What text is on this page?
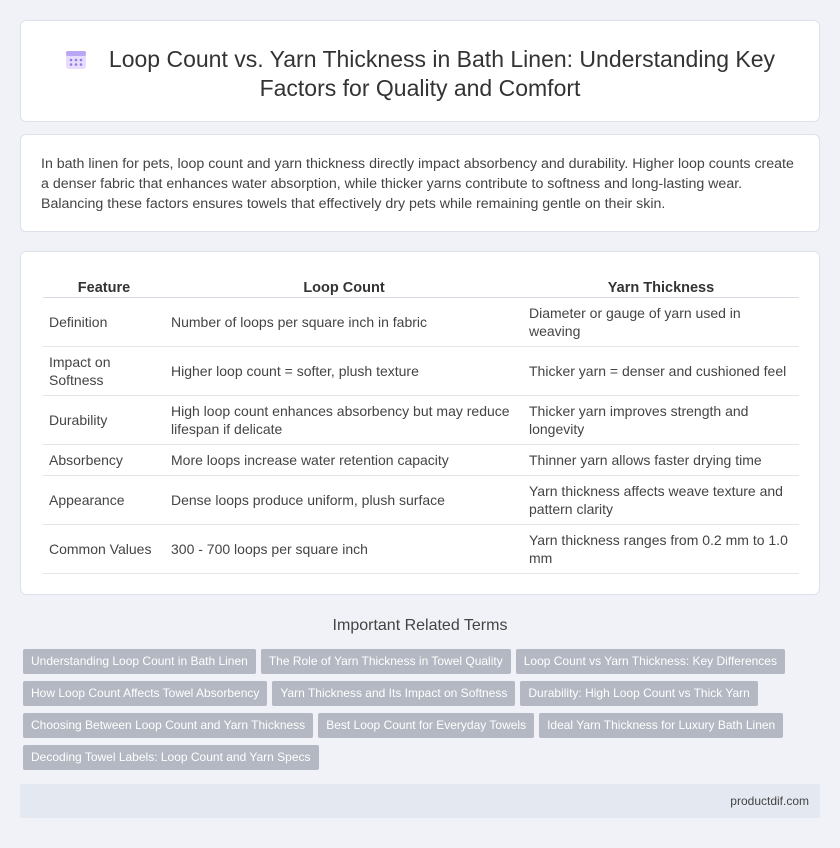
Loop Count vs. Yarn Thickness in Bath Linen: Understanding Key Factors for Quality and Comfort

In bath linen for pets, loop count and yarn thickness directly impact absorbency and durability. Higher loop counts create a denser fabric that enhances water absorption, while thicker yarns contribute to softness and long-lasting wear. Balancing these factors ensures towels that effectively dry pets while remaining gentle on their skin.

Feature	Loop Count	Yarn Thickness
Definition	Number of loops per square inch in fabric	Diameter or gauge of yarn used in weaving
Impact on Softness	Higher loop count = softer, plush texture	Thicker yarn = denser and cushioned feel
Durability	High loop count enhances absorbency but may reduce lifespan if delicate	Thicker yarn improves strength and longevity
Absorbency	More loops increase water retention capacity	Thinner yarn allows faster drying time
Appearance	Dense loops produce uniform, plush surface	Yarn thickness affects weave texture and pattern clarity
Common Values	300 - 700 loops per square inch	Yarn thickness ranges from 0.2 mm to 1.0 mm
Important Related Terms
Understanding Loop Count in Bath Linen The Role of Yarn Thickness in Towel Quality Loop Count vs Yarn Thickness: Key Differences
How Loop Count Affects Towel Absorbency Yarn Thickness and Its Impact on Softness Durability: High Loop Count vs Thick Yarn
Choosing Between Loop Count and Yarn Thickness Best Loop Count for Everyday Towels Ideal Yarn Thickness for Luxury Bath Linen
Decoding Towel Labels: Loop Count and Yarn Specs
productdif.com
